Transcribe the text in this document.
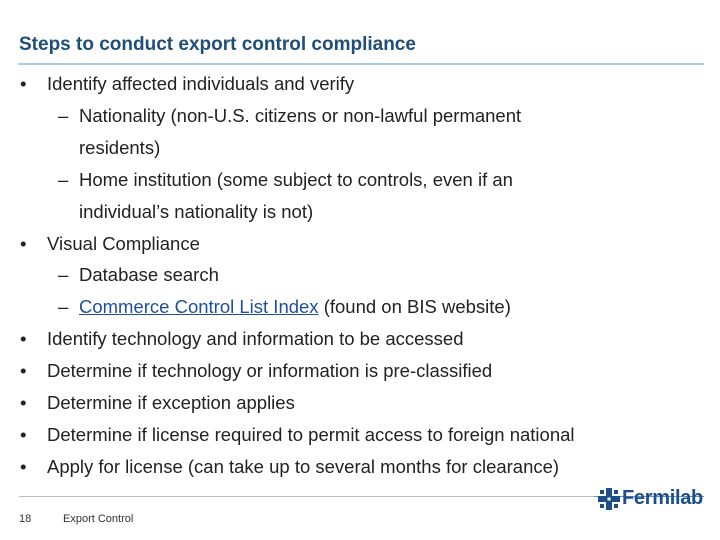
Steps to conduct export control compliance
• Identify affected individuals and verify
– Nationality (non-U.S. citizens or non-lawful permanent
residents)
– Home institution (some subject to controls, even if an
individual’s nationality is not)
• Visual Compliance
– Database search
– Commerce Control List Index (found on BIS website)
• Identify technology and information to be accessed
• Determine if technology or information is pre-classified
• Determine if exception applies
• Determine if license required to permit access to foreign national
• Apply for license (can take up to several months for clearance)
18	Export Control
Fermilab
